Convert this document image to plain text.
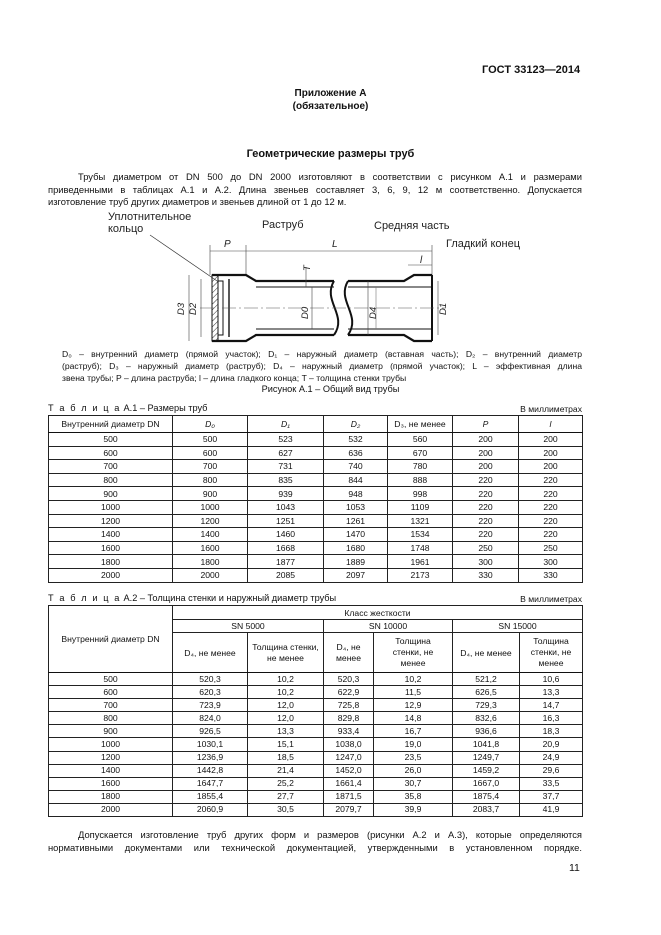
ГОСТ 33123—2014
Приложение А
(обязательное)
Геометрические размеры труб
Трубы диаметром от DN 500 до DN 2000 изготовляют в соответствии с рисунком А.1 и размерами
приведенными в таблицах А.1 и А.2. Длина звеньев составляет 3, 6, 9, 12 м соответственно. Допускается
изготовление труб других диаметров и звеньев длиной от 1 до 12 м.
Уплотнительное
кольцо	Раструб	Средняя часть
Гладкий конец
P	L
l
D3 D2	D0	D4	D1
T
D₀ – внутренний диаметр (прямой участок); D₁ – наружный диаметр (вставная часть); D₂ – внутренний диаметр
(раструб); D₃ – наружный диаметр (раструб); D₄ – наружный диаметр (прямой участок); L – эффективная длина
звена трубы; P – длина раструба; l – длина гладкого конца; T – толщина стенки трубы
Рисунок А.1 – Общий вид трубы
Т а б л и ц а А.1 – Размеры труб	В миллиметрах
Внутренний диаметр DN	D₀	D₁	D₂	D₃, не менее	P	l
500	500	523	532	560	200	200
600	600	627	636	670	200	200
700	700	731	740	780	200	200
800	800	835	844	888	220	220
900	900	939	948	998	220	220
1000	1000	1043	1053	1109	220	220
1200	1200	1251	1261	1321	220	220
1400	1400	1460	1470	1534	220	220
1600	1600	1668	1680	1748	250	250
1800	1800	1877	1889	1961	300	300
2000	2000	2085	2097	2173	330	330
Т а б л и ц а А.2 – Толщина стенки и наружный диаметр трубы	В миллиметрах
Внутренний диаметр DN	Класс жесткости					
	SN 5000		SN 10000		SN 15000	
	D₄, не менее	Толщина стенки, не менее	D₄, не менее	Толщина стенки, не менее	D₄, не менее	Толщина стенки, не менее
500	520,3	10,2	520,3	10,2	521,2	10,6
600	620,3	10,2	622,9	11,5	626,5	13,3
700	723,9	12,0	725,8	12,9	729,3	14,7
800	824,0	12,0	829,8	14,8	832,6	16,3
900	926,5	13,3	933,4	16,7	936,6	18,3
1000	1030,1	15,1	1038,0	19,0	1041,8	20,9
1200	1236,9	18,5	1247,0	23,5	1249,7	24,9
1400	1442,8	21,4	1452,0	26,0	1459,2	29,6
1600	1647,7	25,2	1661,4	30,7	1667,0	33,5
1800	1855,4	27,7	1871,5	35,8	1875,4	37,7
2000	2060,9	30,5	2079,7	39,9	2083,7	41,9
Допускается изготовление труб других форм и размеров (рисунки А.2 и А.3), которые определяются
нормативными документами или технической документацией, утвержденными в установленном порядке.
11
